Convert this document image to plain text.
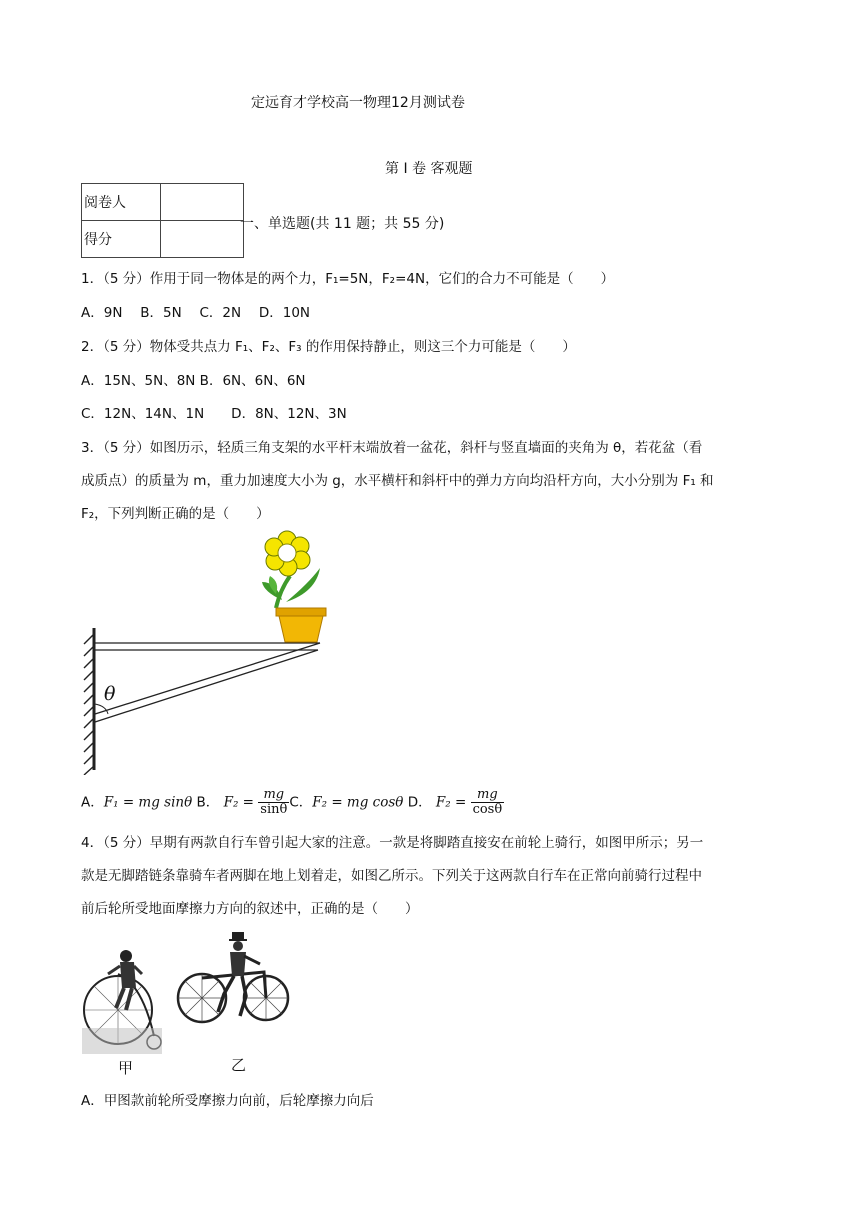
定远育才学校高一物理12月测试卷
第 I 卷 客观题
阅卷人	
得分	
一、单选题(共 11 题；共 55 分)
1．（5 分）作用于同一物体是的两个力，F₁=5N，F₂=4N，它们的合力不可能是（　　）
A．9N　 B．5N　 C．2N　 D．10N
2．（5 分）物体受共点力 F₁、F₂、F₃ 的作用保持静止，则这三个力可能是（　　）
A．15N、5N、8N B．6N、6N、6N
C．12N、14N、1N　　D．8N、12N、3N
3．（5 分）如图历示，轻质三角支架的水平杆末端放着一盆花，斜杆与竖直墙面的夹角为 θ，若花盆（看
成质点）的质量为 m，重力加速度大小为 g，水平横杆和斜杆中的弹力方向均沿杆方向，大小分别为 F₁ 和
F₂，下列判断正确的是（　　）
θ
A．F₁ = mg sinθ B． $F_2 = \frac{mg}{\sin\theta}$ C．F₂ = mg cosθ D． $F_2 = \frac{mg}{\cos\theta}$
4．（5 分）早期有两款自行车曾引起大家的注意。一款是将脚踏直接安在前轮上骑行，如图甲所示；另一
款是无脚踏链条靠骑车者两脚在地上划着走，如图乙所示。下列关于这两款自行车在正常向前骑行过程中
前后轮所受地面摩擦力方向的叙述中，正确的是（　　）
甲	乙
A．甲图款前轮所受摩擦力向前，后轮摩擦力向后
